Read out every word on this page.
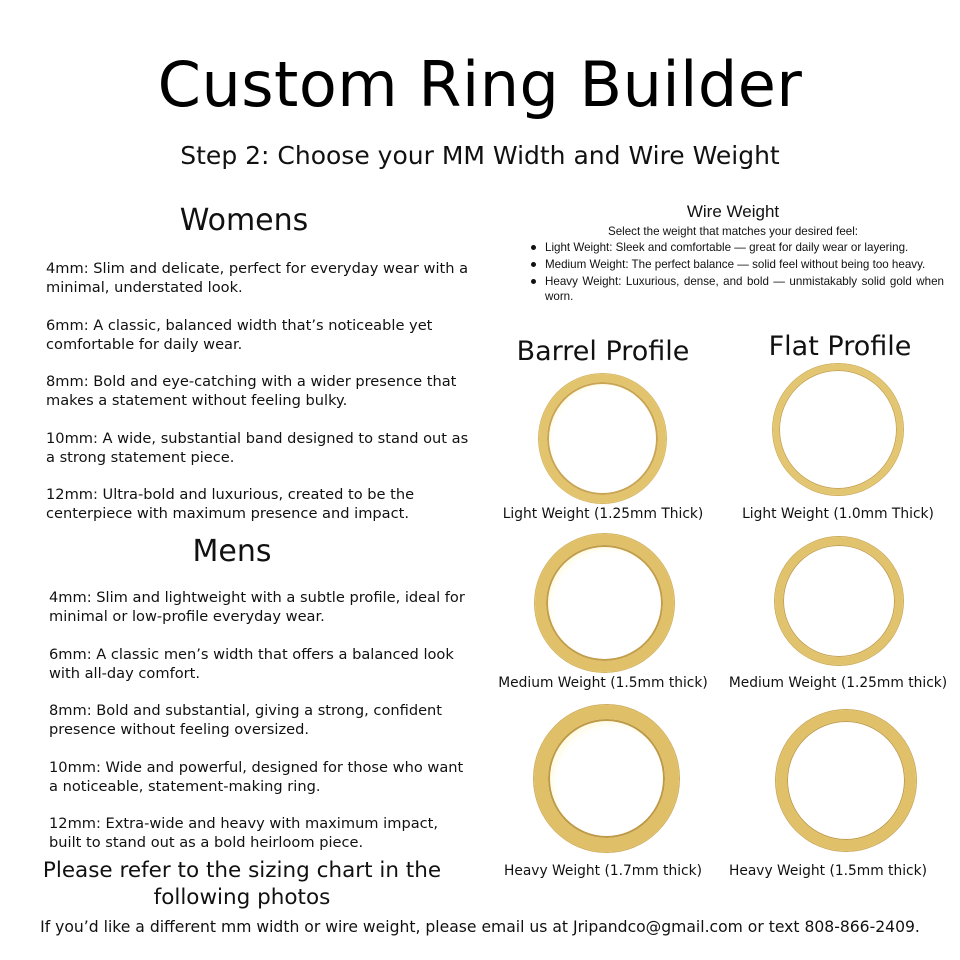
Custom Ring Builder
Step 2: Choose your MM Width and Wire Weight
Womens
4mm: Slim and delicate, perfect for everyday wear with a minimal, understated look.
6mm: A classic, balanced width that’s noticeable yet comfortable for daily wear.
8mm: Bold and eye-catching with a wider presence that makes a statement without feeling bulky.
10mm: A wide, substantial band designed to stand out as a strong statement piece.
12mm: Ultra-bold and luxurious, created to be the centerpiece with maximum presence and impact.
Mens
4mm: Slim and lightweight with a subtle profile, ideal for minimal or low-profile everyday wear.
6mm: A classic men’s width that offers a balanced look with all-day comfort.
8mm: Bold and substantial, giving a strong, confident presence without feeling oversized.
10mm: Wide and powerful, designed for those who want a noticeable, statement-making ring.
12mm: Extra-wide and heavy with maximum impact, built to stand out as a bold heirloom piece.
Wire Weight
Select the weight that matches your desired feel:
Light Weight: Sleek and comfortable — great for daily wear or layering.
Medium Weight: The perfect balance — solid feel without being too heavy.
Heavy Weight: Luxurious, dense, and bold — unmistakably solid gold when worn.
Barrel Profile	Flat Profile
Light Weight (1.25mm Thick)
Medium Weight (1.5mm thick)
Heavy Weight (1.7mm thick)
Light Weight (1.0mm Thick)
Medium Weight (1.25mm thick)
Heavy Weight (1.5mm thick)
Please refer to the sizing chart in the following photos
If you’d like a different mm width or wire weight, please email us at Jripandco@gmail.com or text 808-866-2409.
